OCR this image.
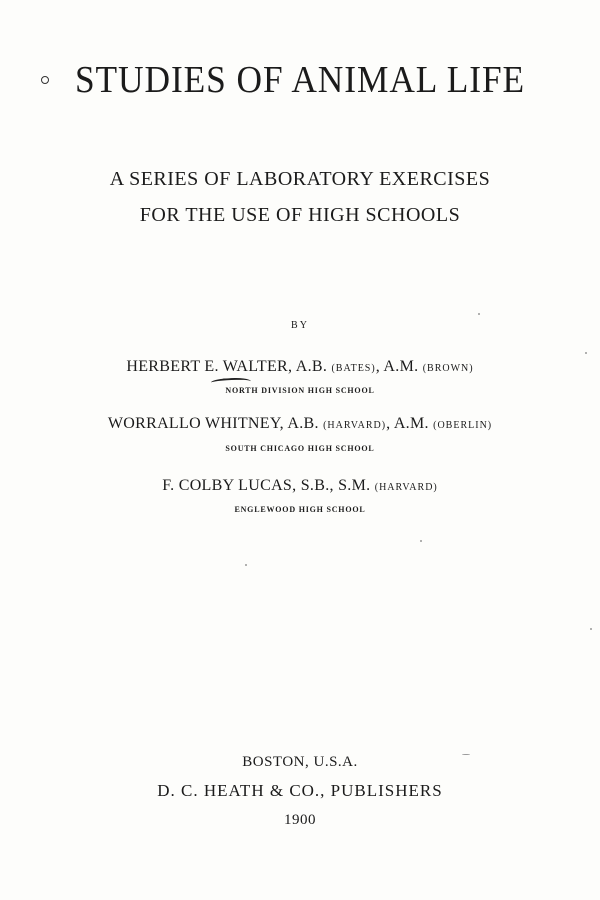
STUDIES OF ANIMAL LIFE
A SERIES OF LABORATORY EXERCISES
FOR THE USE OF HIGH SCHOOLS
BY
HERBERT E. WALTER, A.B. (BATES), A.M. (BROWN)
NORTH DIVISION HIGH SCHOOL
WORRALLO WHITNEY, A.B. (HARVARD), A.M. (OBERLIN)
SOUTH CHICAGO HIGH SCHOOL
F. COLBY LUCAS, S.B., S.M. (HARVARD)
ENGLEWOOD HIGH SCHOOL
BOSTON, U.S.A.
D. C. HEATH & CO., PUBLISHERS
1900
